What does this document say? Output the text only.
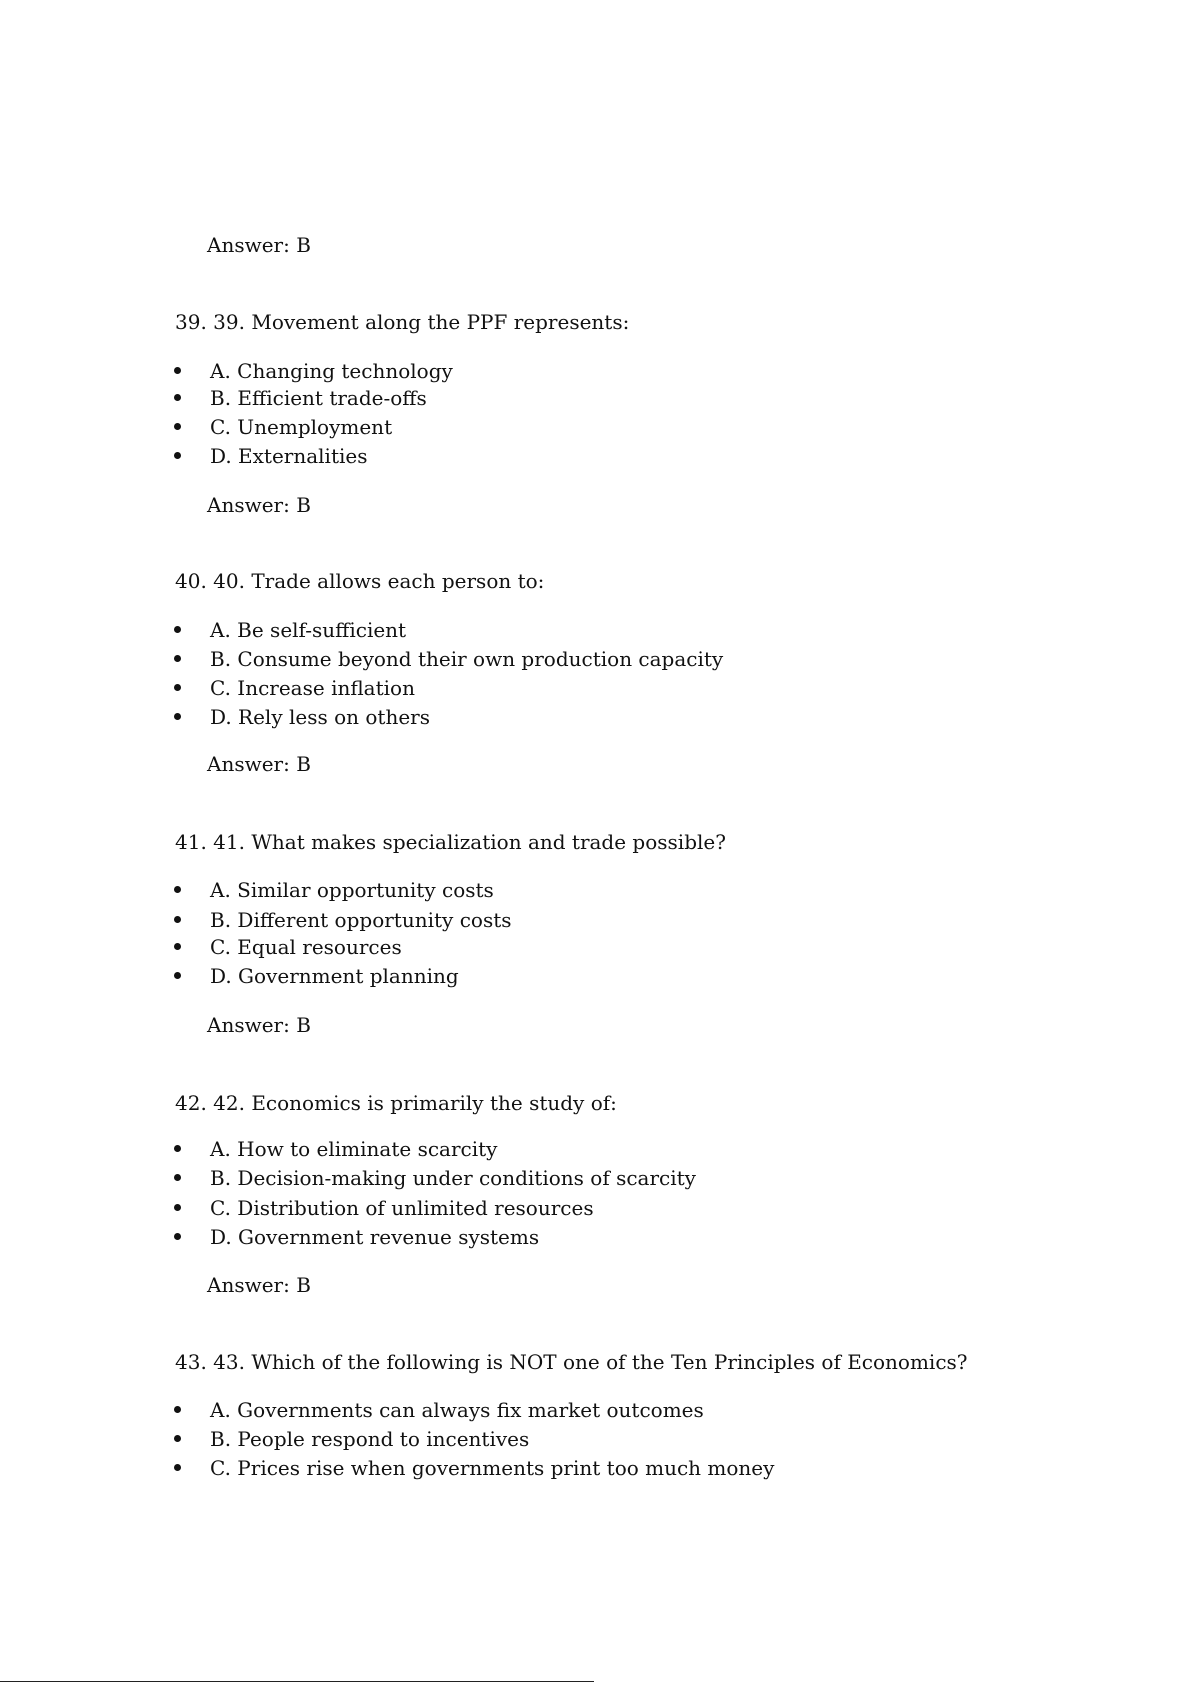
Answer: B
39. 39. Movement along the PPF represents:
A. Changing technology
B. Efficient trade-offs
C. Unemployment
D. Externalities
Answer: B
40. 40. Trade allows each person to:
A. Be self-sufficient
B. Consume beyond their own production capacity
C. Increase inflation
D. Rely less on others
Answer: B
41. 41. What makes specialization and trade possible?
A. Similar opportunity costs
B. Different opportunity costs
C. Equal resources
D. Government planning
Answer: B
42. 42. Economics is primarily the study of:
A. How to eliminate scarcity
B. Decision-making under conditions of scarcity
C. Distribution of unlimited resources
D. Government revenue systems
Answer: B
43. 43. Which of the following is NOT one of the Ten Principles of Economics?
A. Governments can always fix market outcomes
B. People respond to incentives
C. Prices rise when governments print too much money
